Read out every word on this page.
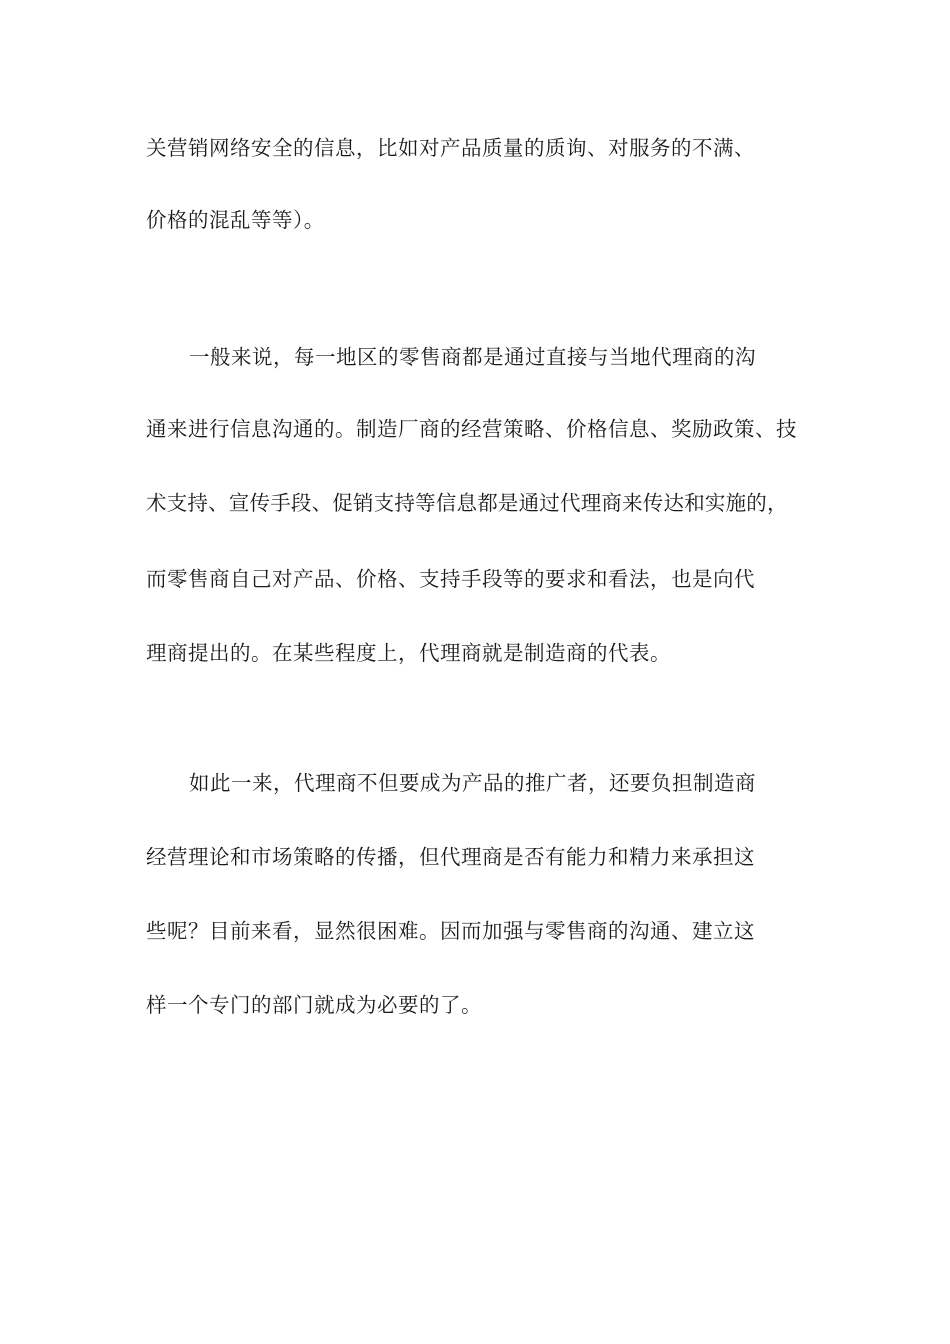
关营销网络安全的信息，比如对产品质量的质询、对服务的不满、
价格的混乱等等）。
一般来说，每一地区的零售商都是通过直接与当地代理商的沟
通来进行信息沟通的。制造厂商的经营策略、价格信息、奖励政策、技
术支持、宣传手段、促销支持等信息都是通过代理商来传达和实施的，
而零售商自己对产品、价格、支持手段等的要求和看法，也是向代
理商提出的。在某些程度上，代理商就是制造商的代表。
如此一来，代理商不但要成为产品的推广者，还要负担制造商
经营理论和市场策略的传播，但代理商是否有能力和精力来承担这
些呢？目前来看，显然很困难。因而加强与零售商的沟通、建立这
样一个专门的部门就成为必要的了。
